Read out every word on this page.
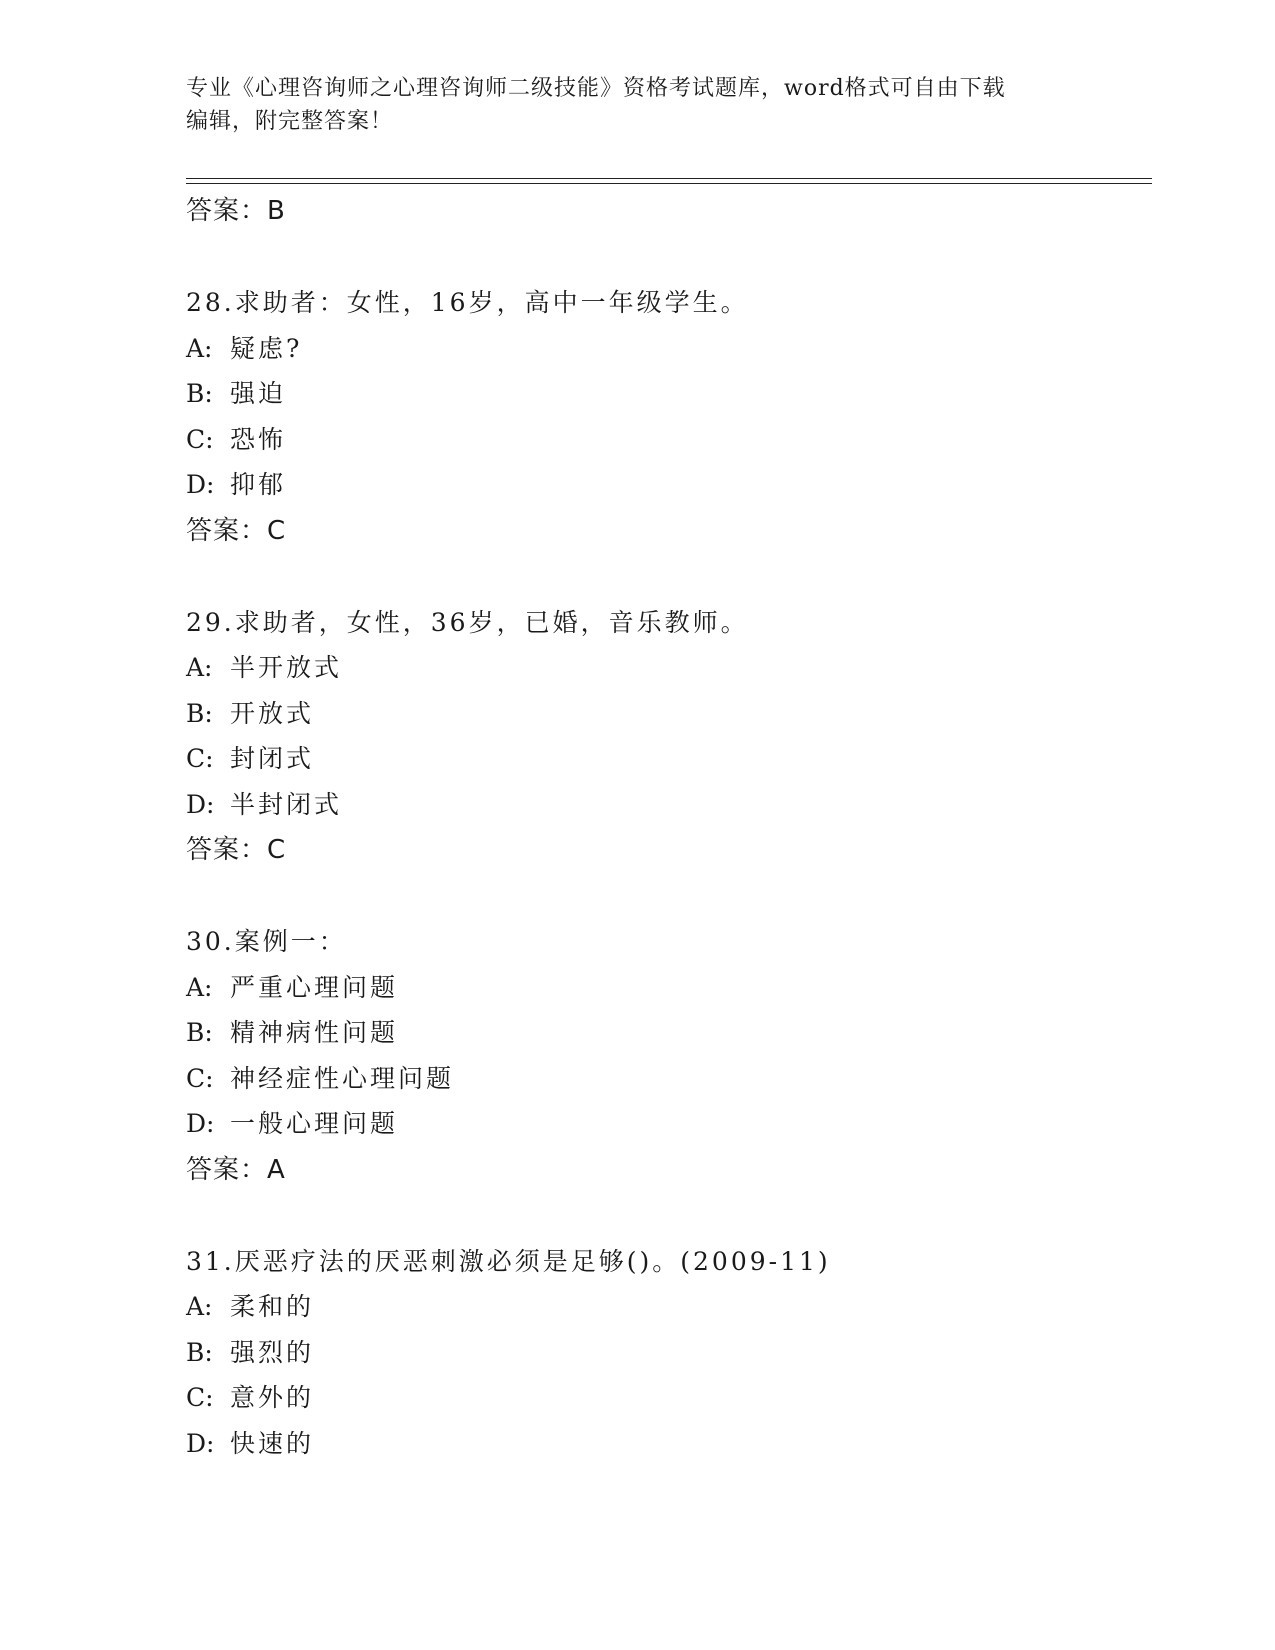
专业《心理咨询师之心理咨询师二级技能》资格考试题库，word格式可自由下载
编辑，附完整答案！
答案：B
28.求助者：女性，16岁，高中一年级学生。
A: 疑虑?
B: 强迫
C: 恐怖
D: 抑郁
答案：C
29.求助者，女性，36岁，已婚，音乐教师。
A: 半开放式
B: 开放式
C: 封闭式
D: 半封闭式
答案：C
30.案例一：
A: 严重心理问题
B: 精神病性问题
C: 神经症性心理问题
D: 一般心理问题
答案：A
31.厌恶疗法的厌恶刺激必须是足够()。(2009-11)
A: 柔和的
B: 强烈的
C: 意外的
D: 快速的
